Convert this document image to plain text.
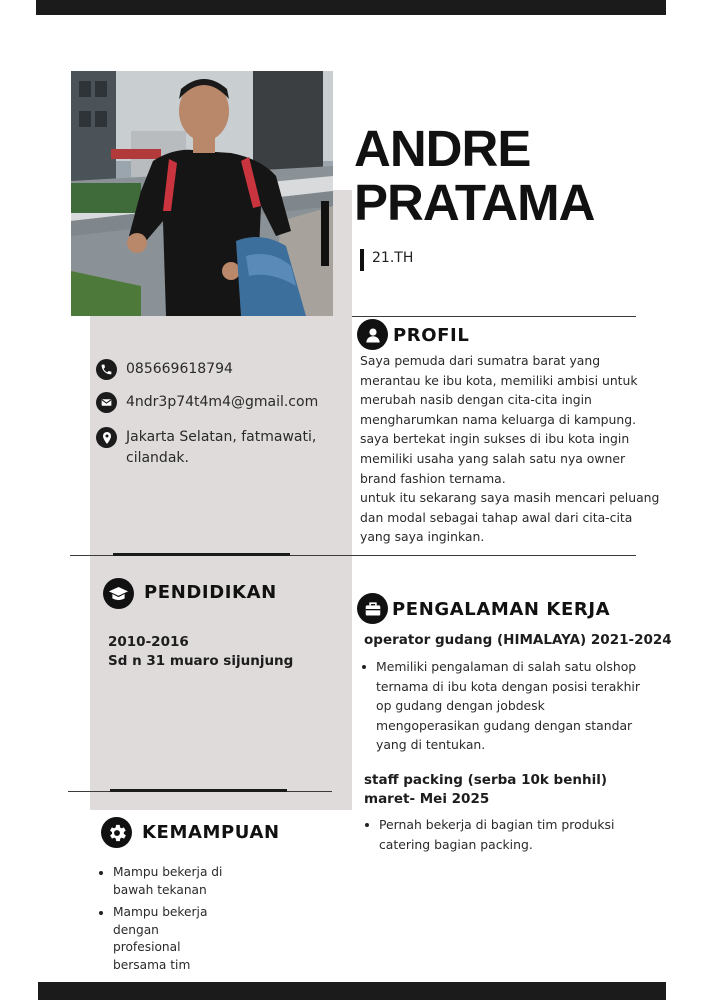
ANDRE
PRATAMA
21.TH
085669618794
4ndr3p74t4m4@gmail.com
Jakarta Selatan, fatmawati, cilandak.
PROFIL

Saya pemuda dari sumatra barat yang merantau ke ibu kota, memiliki ambisi untuk merubah nasib dengan cita-cita ingin mengharumkan nama keluarga di kampung. saya bertekat ingin sukses di ibu kota ingin memiliki usaha yang salah satu nya owner brand fashion ternama.

untuk itu sekarang saya masih mencari peluang dan modal sebagai tahap awal dari cita-cita yang saya inginkan.

PENDIDIKAN
2010-2016
Sd n 31 muaro sijunjung
PENGALAMAN KERJA
operator gudang (HIMALAYA) 2021-2024
Memiliki pengalaman di salah satu olshop ternama di ibu kota dengan posisi terakhir op gudang dengan jobdesk mengoperasikan gudang dengan standar yang di tentukan.
staff packing (serba 10k benhil)
maret- Mei 2025
Pernah bekerja di bagian tim produksi catering bagian packing.
KEMAMPUAN
Mampu bekerja di bawah tekanan
Mampu bekerja dengan profesional bersama tim
